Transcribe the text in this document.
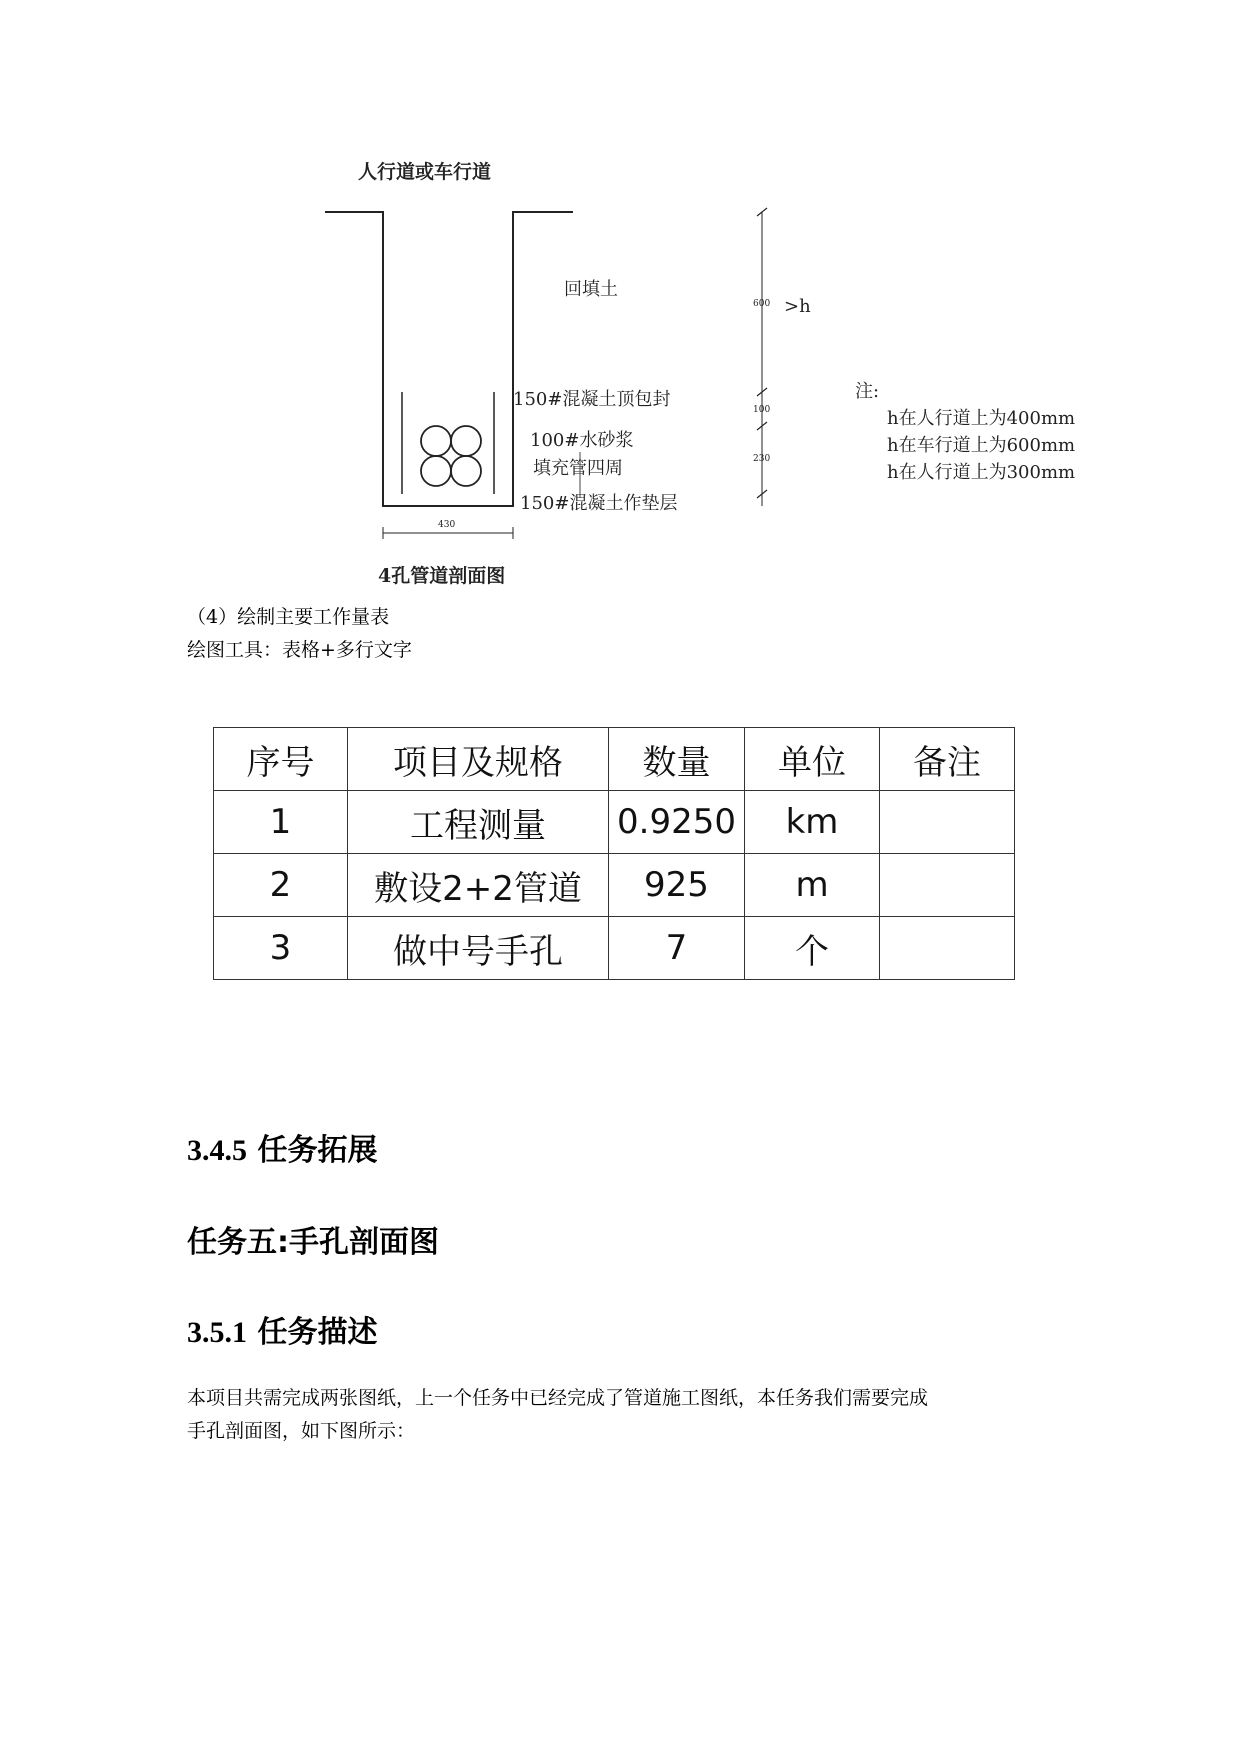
430
600 >h
100
230
人行道或车行道
回填土
150#混凝土顶包封
100#水砂浆
填充管四周
150#混凝土作垫层
4孔管道剖面图
注:
h在人行道上为400mm
h在车行道上为600mm
h在人行道上为300mm
（4）绘制主要工作量表
绘图工具：表格+多行文字
序号	项目及规格	数量	单位	备注
1	工程测量	0.9250	km	
2	敷设2+2管道	925	m	
3	做中号手孔	7	个	
3.4.5 任务拓展
任务五:手孔剖面图
3.5.1 任务描述
本项目共需完成两张图纸，上一个任务中已经完成了管道施工图纸，本任务我们需要完成
手孔剖面图，如下图所示：
